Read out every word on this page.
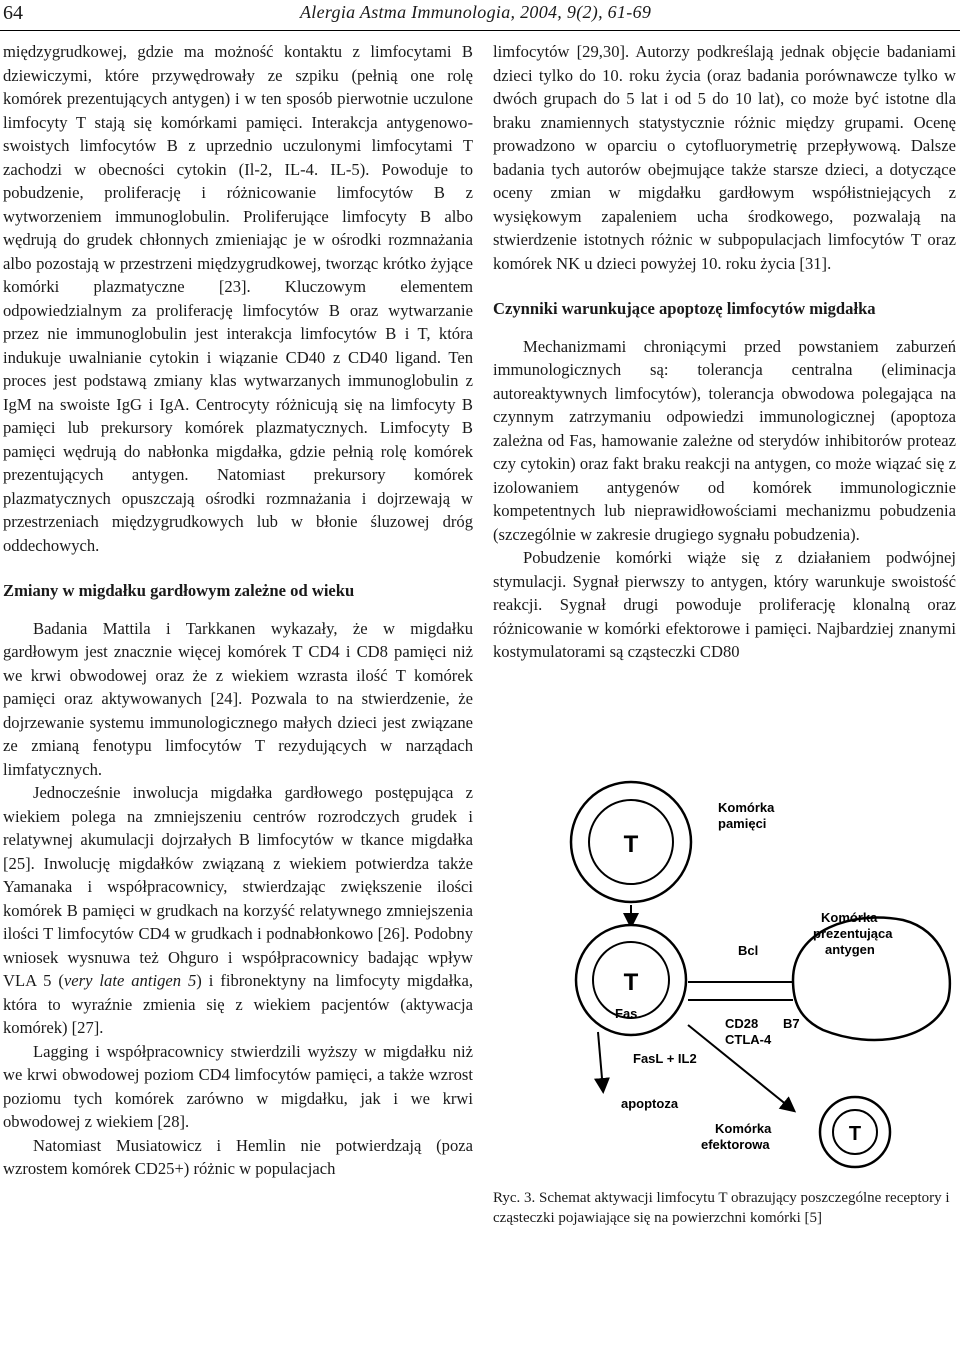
64	Alergia Astma Immunologia, 2004, 9(2), 61-69

międzygrudkowej, gdzie ma możność kontaktu z limfocytami B dziewiczymi, które przywędrowały ze szpiku (pełnią one rolę komórek prezentujących antygen) i w ten sposób pierwotnie uczulone limfocyty T stają się komórkami pamięci. Interakcja antygenowo-swoistych limfocytów B z uprzednio uczulonymi limfocytami T zachodzi w obecności cytokin (Il-2, IL-4. IL-5). Powoduje to pobudzenie, proliferację i różnicowanie limfocytów B z wytworzeniem immunoglobulin. Proliferujące limfocyty B albo wędrują do grudek chłonnych zmieniając je w ośrodki rozmnażania albo pozostają w przestrzeni międzygrudkowej, tworząc krótko żyjące komórki plazmatyczne [23]. Kluczowym elementem odpowiedzialnym za proliferację limfocytów B oraz wytwarzanie przez nie immunoglobulin jest interakcja limfocytów B i T, która indukuje uwalnianie cytokin i wiązanie CD40 z CD40 ligand. Ten proces jest podstawą zmiany klas wytwarzanych immunoglobulin z IgM na swoiste IgG i IgA. Centrocyty różnicują się na limfocyty B pamięci lub prekursory komórek plazmatycznych. Limfocyty B pamięci wędrują do nabłonka migdałka, gdzie pełnią rolę komórek prezentujących antygen. Natomiast prekursory komórek plazmatycznych opuszczają ośrodki rozmnażania i dojrzewają w przestrzeniach międzygrudkowych lub w błonie śluzowej dróg oddechowych.

Zmiany w migdałku gardłowym zależne od wieku

Badania Mattila i Tarkkanen wykazały, że w migdałku gardłowym jest znacznie więcej komórek T CD4 i CD8 pamięci niż we krwi obwodowej oraz że z wiekiem wzrasta ilość T komórek pamięci oraz aktywowanych [24]. Pozwala to na stwierdzenie, że dojrzewanie systemu immunologicznego małych dzieci jest związane ze zmianą fenotypu limfocytów T rezydujących w narządach limfatycznych.

Jednocześnie inwolucja migdałka gardłowego postępująca z wiekiem polega na zmniejszeniu centrów rozrodczych grudek i relatywnej akumulacji dojrzałych B limfocytów w tkance migdałka [25]. Inwolucję migdałków związaną z wiekiem potwierdza także Yamanaka i współpracownicy, stwierdzając zwiększenie ilości komórek B pamięci w grudkach na korzyść relatywnego zmniejszenia ilości T limfocytów CD4 w grudkach i podnabłonkowo [26]. Podobny wniosek wysnuwa też Ohguro i współpracownicy badając wpływ VLA 5 (very late antigen 5) i fibronektyny na limfocyty migdałka, która to wyraźnie zmienia się z wiekiem pacjentów (aktywacja komórek) [27].

Lagging i współpracownicy stwierdzili wyższy w migdałku niż we krwi obwodowej poziom CD4 limfocytów pamięci, a także wzrost poziomu tych komórek zarówno w migdałku, jak i we krwi obwodowej z wiekiem [28].

Natomiast Musiatowicz i Hemlin nie potwierdzają (poza wzrostem komórek CD25+) różnic w populacjach

limfocytów [29,30]. Autorzy podkreślają jednak objęcie badaniami dzieci tylko do 10. roku życia (oraz badania porównawcze tylko w dwóch grupach do 5 lat i od 5 do 10 lat), co może być istotne dla braku znamiennych statystycznie różnic między grupami. Ocenę prowadzono w oparciu o cytofluorymetrię przepływową. Dalsze badania tych autorów obejmujące także starsze dzieci, a dotyczące oceny zmian w migdałku gardłowym współistniejących z wysiękowym zapaleniem ucha środkowego, pozwalają na stwierdzenie istotnych różnic w subpopulacjach limfocytów T oraz komórek NK u dzieci powyżej 10. roku życia [31].

Czynniki warunkujące apoptozę limfocytów migdałka

Mechanizmami chroniącymi przed powstaniem zaburzeń immunologicznych są: tolerancja centralna (eliminacja autoreaktywnych limfocytów), tolerancja obwodowa polegająca na czynnym zatrzymaniu odpowiedzi immunologicznej (apoptoza zależna od Fas, hamowanie zależne od sterydów inhibitorów proteaz czy cytokin) oraz fakt braku reakcji na antygen, co może wiązać się z izolowaniem antygenów od komórek immunologicznie kompetentnych lub nieprawidłowościami mechanizmu pobudzenia (szczególnie w zakresie drugiego sygnału pobudzenia).

Pobudzenie komórki wiąże się z działaniem podwójnej stymulacji. Sygnał pierwszy to antygen, który warunkuje swoistość reakcji. Sygnał drugi powoduje proliferację klonalną oraz różnicowanie w komórki efektorowe i pamięci. Najbardziej znanymi kostymulatorami są cząsteczki CD80

T
Komórka
pamięci
T
Komórka
prezentująca
antygen
Bcl
Fas
CD28 B7
CTLA-4
FasL + IL2
apoptoza
Komórka
efektorowa	T
Ryc. 3. Schemat aktywacji limfocytu T obrazujący poszczególne receptory i cząsteczki pojawiające się na powierzchni komórki [5]
